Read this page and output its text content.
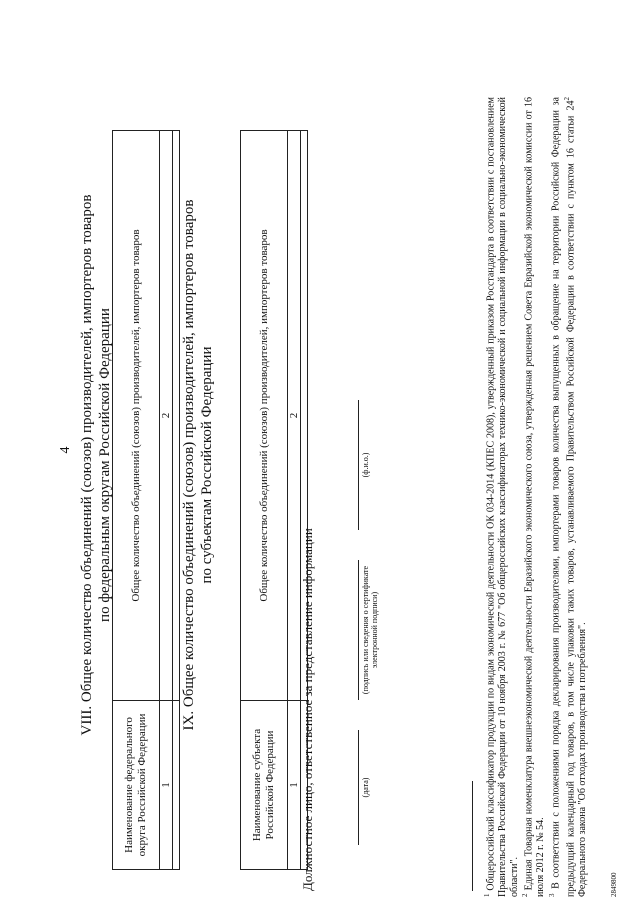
4 VIII. Общее количество объединений (союзов) производителей, импортеров товаров по федеральным округам Российской Федерации
Наименование федерального округа Российской Федерации	Общее количество объединений (союзов) производителей, импортеров товаров
1	2
	IX. Общее количество объединений (союзов) производителей, импортеров товаров по субъектам Российской Федерации
Наименование субъекта Российской Федерации	Общее количество объединений (союзов) производителей, импортеров товаров
1	2

Должностное лицо, ответственное за представление информации	(дата)
(подпись или сведения о сертификате электронной подписи)
(ф.и.о.)

$^1$ Общероссийский классификатор продукции по видам экономической деятельности ОК 034-2014 (КПЕС 2008), утвержденный приказом Росстандарта в соответствии с постановлением Правительства Российской Федерации от 10 ноября 2003 г. № 677 "Об общероссийских классификаторах технико-экономической и социальной информации в социально-экономической области". $^2$ Единая Товарная номенклатура внешнеэкономической деятельности Евразийского экономического союза, утвержденная решением Совета Евразийской экономической комиссии от 16 июля 2012 г. № 54. $^3$ В соответствии с положениями порядка декларирования производителями, импортерами товаров количества выпущенных в обращение на территории Российской Федерации за предыдущий календарный год товаров, в том числе упаковки таких товаров, устанавливаемого Правительством Российской Федерации в соответствии с пунктом 16 статьи $24^2$ Федерального закона "Об отходах производства и потребления".	2849800
